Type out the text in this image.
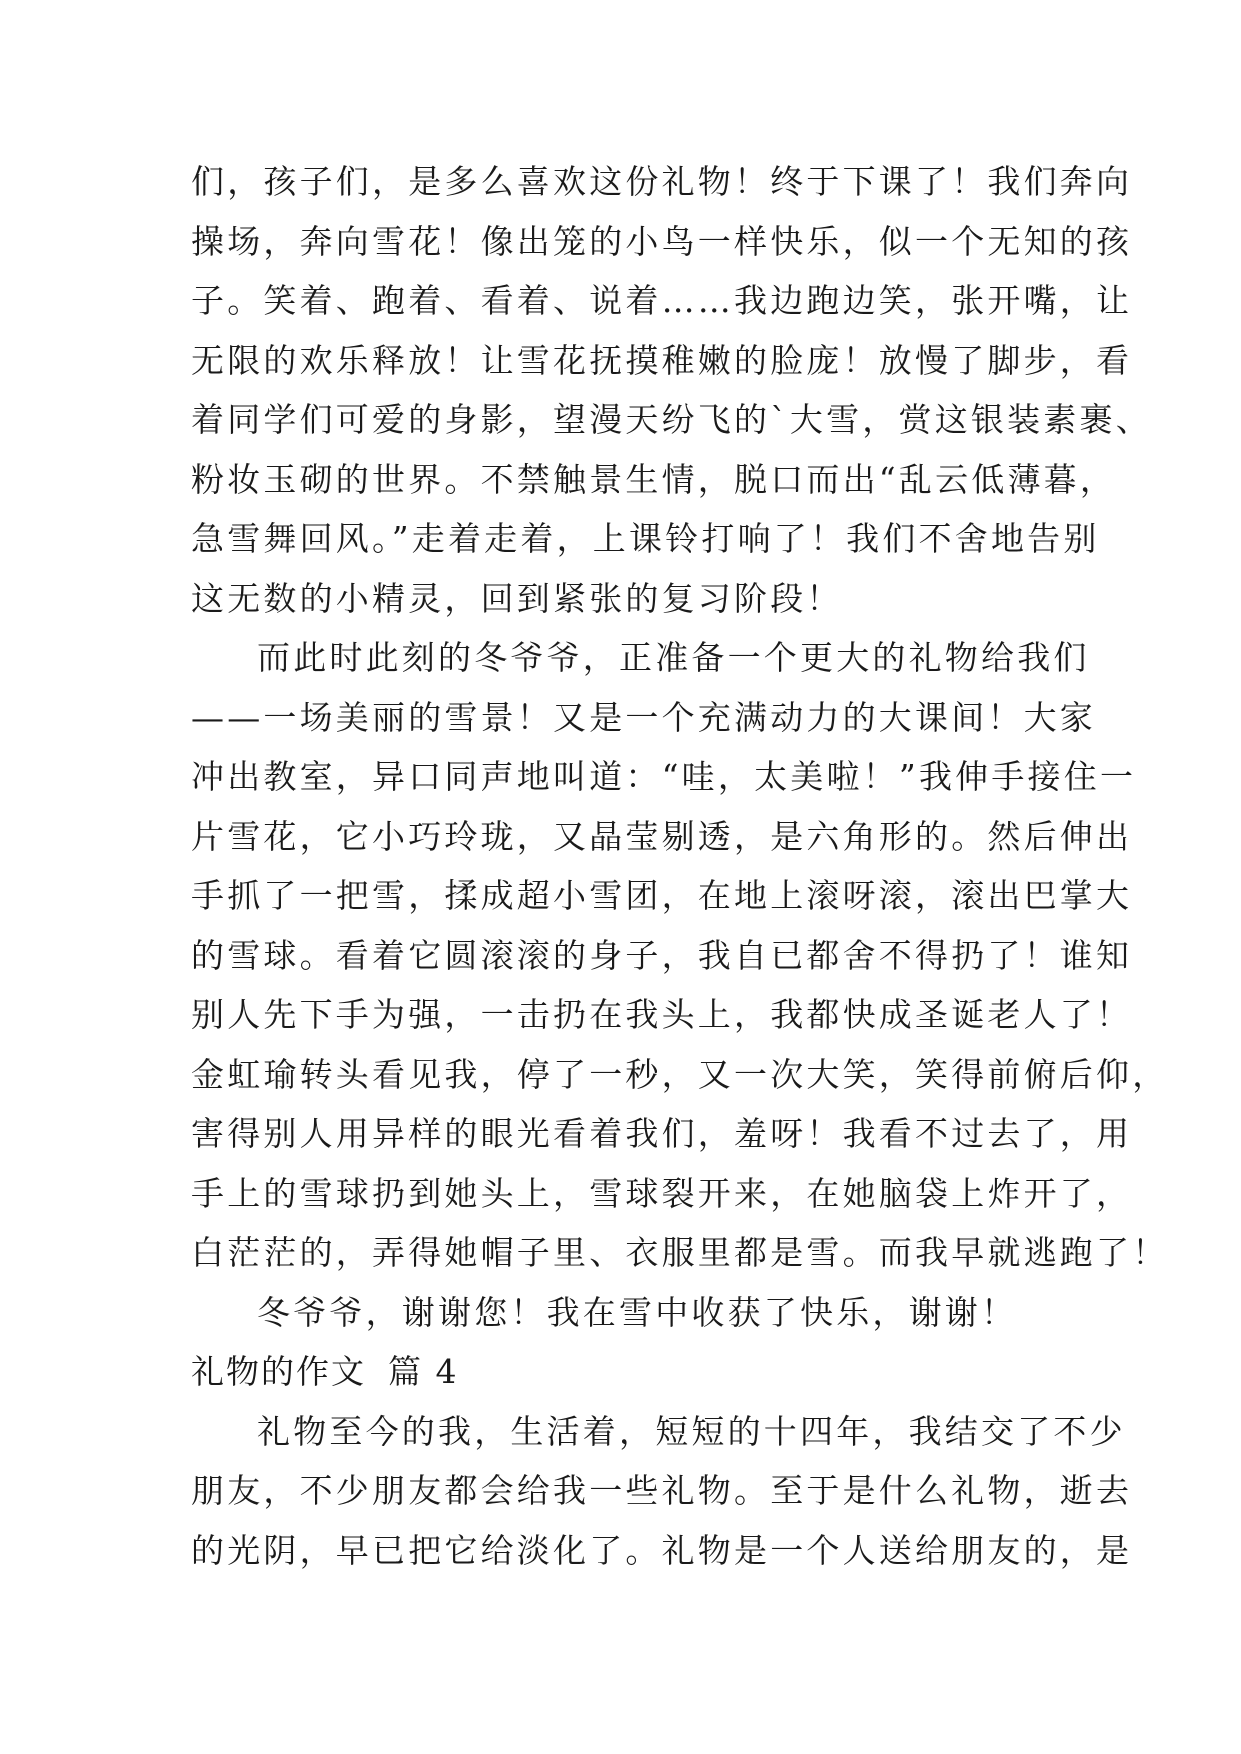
们，孩子们，是多么喜欢这份礼物！终于下课了！我们奔向
操场，奔向雪花！像出笼的小鸟一样快乐，似一个无知的孩
子。笑着、跑着、看着、说着……我边跑边笑，张开嘴，让
无限的欢乐释放！让雪花抚摸稚嫩的脸庞！放慢了脚步，看
着同学们可爱的身影，望漫天纷飞的`大雪，赏这银装素裹、
粉妆玉砌的世界。不禁触景生情，脱口而出“乱云低薄暮，
急雪舞回风。”走着走着，上课铃打响了！我们不舍地告别
这无数的小精灵，回到紧张的复习阶段！
而此时此刻的冬爷爷，正准备一个更大的礼物给我们
——一场美丽的雪景！又是一个充满动力的大课间！大家
冲出教室，异口同声地叫道：“哇，太美啦！”我伸手接住一
片雪花，它小巧玲珑，又晶莹剔透，是六角形的。然后伸出
手抓了一把雪，揉成超小雪团，在地上滚呀滚，滚出巴掌大
的雪球。看着它圆滚滚的身子，我自已都舍不得扔了！谁知
别人先下手为强，一击扔在我头上，我都快成圣诞老人了！
金虹瑜转头看见我，停了一秒，又一次大笑，笑得前俯后仰，
害得别人用异样的眼光看着我们，羞呀！我看不过去了，用
手上的雪球扔到她头上，雪球裂开来，在她脑袋上炸开了，
白茫茫的，弄得她帽子里、衣服里都是雪。而我早就逃跑了！
冬爷爷，谢谢您！我在雪中收获了快乐，谢谢！
礼物的作文 篇 4
礼物至今的我，生活着，短短的十四年，我结交了不少
朋友，不少朋友都会给我一些礼物。至于是什么礼物，逝去
的光阴，早已把它给淡化了。礼物是一个人送给朋友的，是
